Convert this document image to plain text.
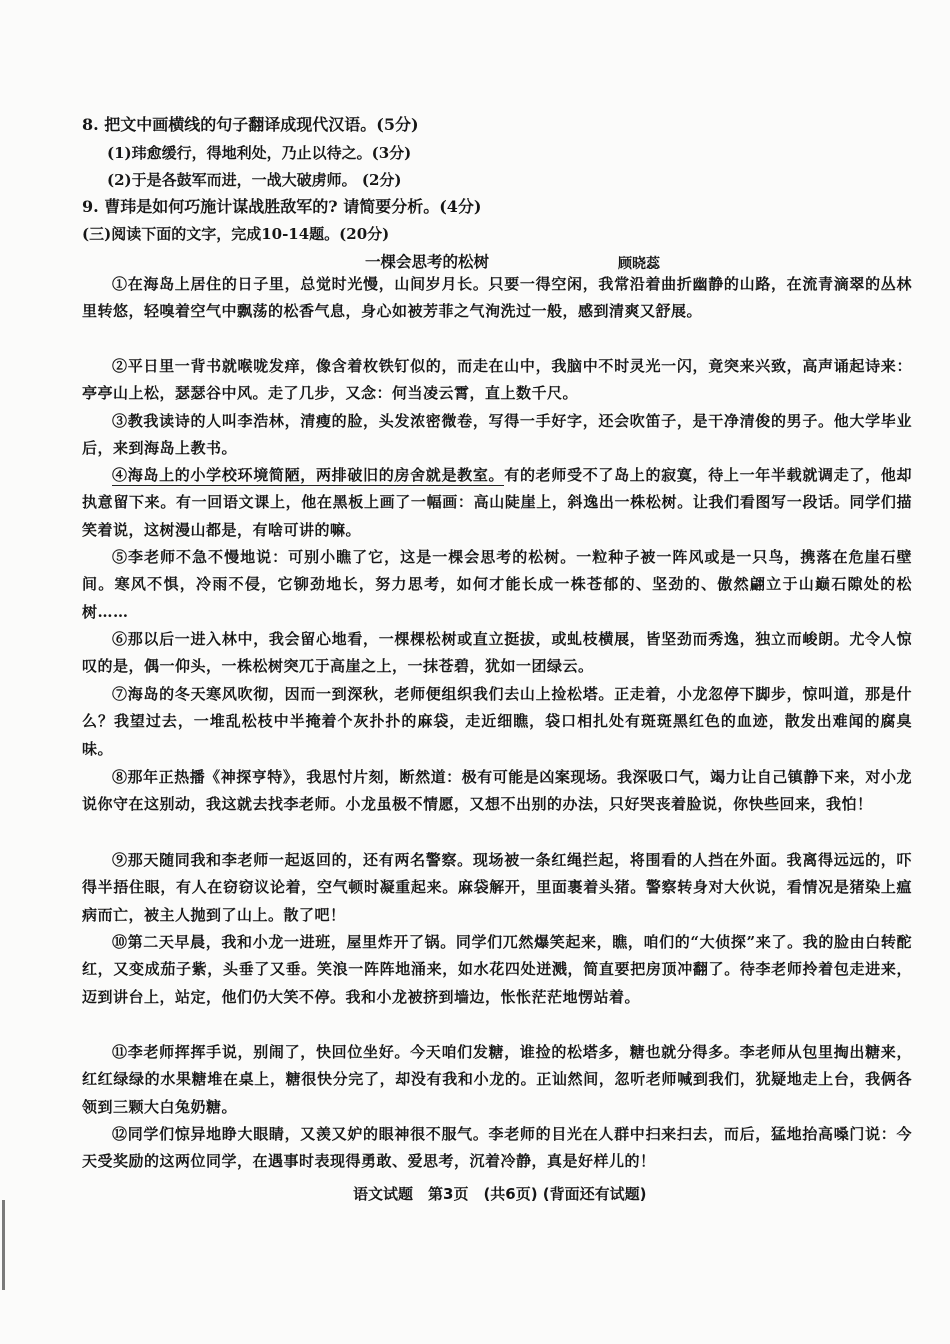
8. 把文中画横线的句子翻译成现代汉语。(5分)
(1)玮愈缓行，得地利处，乃止以待之。(3分)
(2)于是各鼓军而进，一战大破虏师。 (2分)
9. 曹玮是如何巧施计谋战胜敌军的? 请简要分析。(4分)
(三)阅读下面的文字，完成10-14题。(20分)
一棵会思考的松树	顾晓蕊
①在海岛上居住的日子里，总觉时光慢，山间岁月长。只要一得空闲，我常沿着曲折幽静的山路，在流青滴翠的丛林里转悠，轻嗅着空气中飘荡的松香气息，身心如被芳菲之气洵洗过一般，感到清爽又舒展。
②平日里一背书就喉咙发痒，像含着枚铁钉似的，而走在山中，我脑中不时灵光一闪，竟突来兴致，高声诵起诗来：亭亭山上松，瑟瑟谷中风。走了几步，又念：何当凌云霄，直上数千尺。
③教我读诗的人叫李浩林，清瘦的脸，头发浓密微卷，写得一手好字，还会吹笛子，是干净清俊的男子。他大学毕业后，来到海岛上教书。
④海岛上的小学校环境简陋，两排破旧的房舍就是教室。有的老师受不了岛上的寂寞，待上一年半载就调走了，他却执意留下来。有一回语文课上，他在黑板上画了一幅画：高山陡崖上，斜逸出一株松树。让我们看图写一段话。同学们描笑着说，这树漫山都是，有啥可讲的嘛。
⑤李老师不急不慢地说：可别小瞧了它，这是一棵会思考的松树。一粒种子被一阵风或是一只鸟，携落在危崖石壁间。寒风不惧，冷雨不侵，它铆劲地长，努力思考，如何才能长成一株苍郁的、坚劲的、傲然翩立于山巅石隙处的松树……
⑥那以后一进入林中，我会留心地看，一棵棵松树或直立挺拔，或虬枝横展，皆坚劲而秀逸，独立而峻朗。尤令人惊叹的是，偶一仰头，一株松树突兀于高崖之上，一抹苍碧，犹如一团绿云。
⑦海岛的冬天寒风吹彻，因而一到深秋，老师便组织我们去山上捡松塔。正走着，小龙忽停下脚步，惊叫道，那是什么？我望过去，一堆乱松枝中半掩着个灰扑扑的麻袋，走近细瞧，袋口相扎处有斑斑黑红色的血迹，散发出难闻的腐臭味。
⑧那年正热播《神探亨特》，我思忖片刻，断然道：极有可能是凶案现场。我深吸口气，竭力让自己镇静下来，对小龙说你守在这别动，我这就去找李老师。小龙虽极不情愿，又想不出别的办法，只好哭丧着脸说，你快些回来，我怕！
⑨那天随同我和李老师一起返回的，还有两名警察。现场被一条红绳拦起，将围看的人挡在外面。我离得远远的，吓得半捂住眼，有人在窃窃议论着，空气顿时凝重起来。麻袋解开，里面裹着头猪。警察转身对大伙说，看情况是猪染上瘟病而亡，被主人抛到了山上。散了吧！
⑩第二天早晨，我和小龙一进班，屋里炸开了锅。同学们兀然爆笑起来，瞧，咱们的“大侦探”来了。我的脸由白转酡红，又变成茄子紫，头垂了又垂。笑浪一阵阵地涌来，如水花四处迸溅，简直要把房顶冲翻了。待李老师拎着包走进来，迈到讲台上，站定，他们仍大笑不停。我和小龙被挤到墙边，怅怅茫茫地愣站着。
⑪李老师挥挥手说，别闹了，快回位坐好。今天咱们发糖，谁捡的松塔多，糖也就分得多。李老师从包里掏出糖来，红红绿绿的水果糖堆在桌上，糖很快分完了，却没有我和小龙的。正讪然间，忽听老师喊到我们，犹疑地走上台，我俩各领到三颗大白兔奶糖。
⑫同学们惊异地睁大眼睛，又羡又妒的眼神很不服气。李老师的目光在人群中扫来扫去，而后，猛地抬高嗓门说：今天受奖励的这两位同学，在遇事时表现得勇敢、爱思考，沉着冷静，真是好样儿的！
语文试题　第3页　(共6页) (背面还有试题)
